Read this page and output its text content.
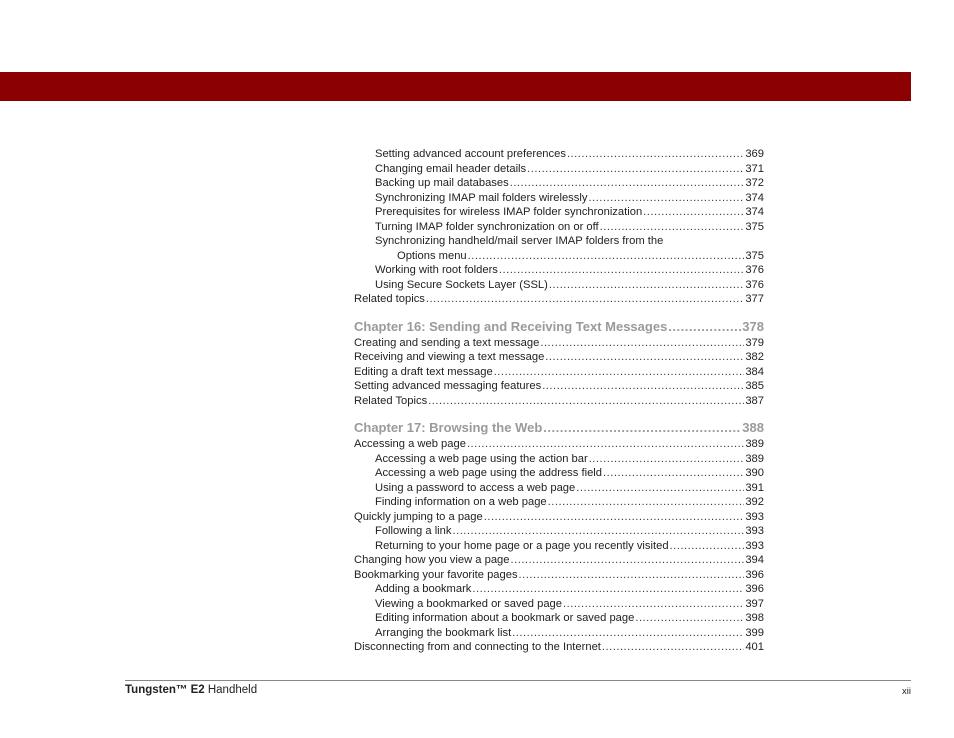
Setting advanced account preferences .....	369
Changing email header details .....	371
Backing up mail databases .....	372
Synchronizing IMAP mail folders wirelessly .....	374
Prerequisites for wireless IMAP folder synchronization .....	374
Turning IMAP folder synchronization on or off .....	375
Synchronizing handheld/mail server IMAP folders from the
Options menu .....	375
Working with root folders .....	376
Using Secure Sockets Layer (SSL) .....	376
Related topics .....	377
Chapter 16: Sending and Receiving Text Messages .....	378
Creating and sending a text message .....	379
Receiving and viewing a text message .....	382
Editing a draft text message .....	384
Setting advanced messaging features .....	385
Related Topics .....	387
Chapter 17: Browsing the Web .....	388
Accessing a web page .....	389
Accessing a web page using the action bar .....	389
Accessing a web page using the address field .....	390
Using a password to access a web page .....	391
Finding information on a web page .....	392
Quickly jumping to a page .....	393
Following a link .....	393
Returning to your home page or a page you recently visited .....	393
Changing how you view a page .....	394
Bookmarking your favorite pages .....	396
Adding a bookmark .....	396
Viewing a bookmarked or saved page .....	397
Editing information about a bookmark or saved page .....	398
Arranging the bookmark list .....	399
Disconnecting from and connecting to the Internet .....	401
Tungsten™ E2 Handheld	xii
